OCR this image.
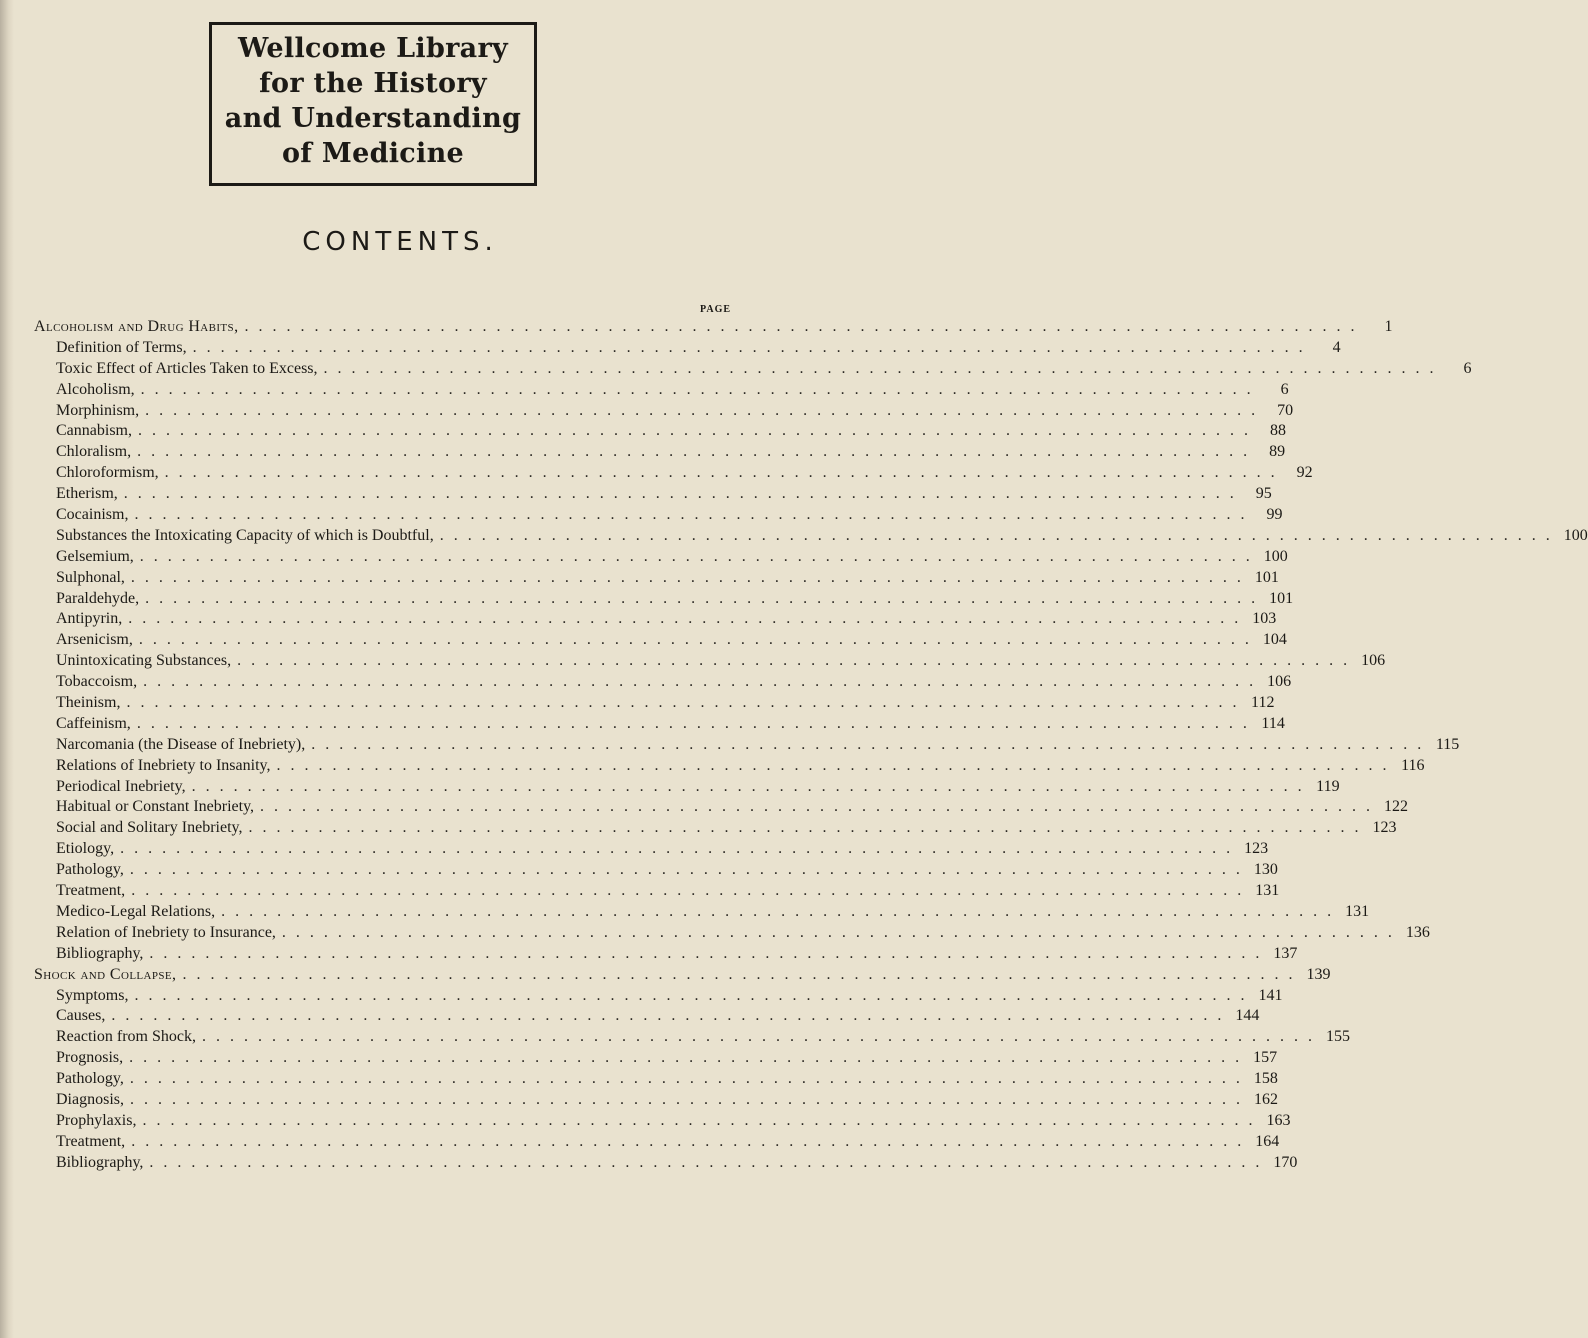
Wellcome Library
for the History
and Understanding
of Medicine
CONTENTS.
PAGE
Alcoholism and Drug Habits, ................................................................................	1
Definition of Terms, ................................................................................	4
Toxic Effect of Articles Taken to Excess, ................................................................................	6
Alcoholism, ................................................................................	6
Morphinism, ................................................................................ 70
Cannabism, ................................................................................ 88
Chloralism, ................................................................................ 89
Chloroformism, ................................................................................ 92
Etherism, ................................................................................ 95
Cocainism, ................................................................................ 99
Substances the Intoxicating Capacity of which is Doubtful, ................................................................................ 100
Gelsemium, ................................................................................ 100
Sulphonal, ................................................................................ 101
Paraldehyde, ................................................................................ 101
Antipyrin, ................................................................................ 103
Arsenicism, ................................................................................ 104
Unintoxicating Substances, ................................................................................ 106
Tobaccoism, ................................................................................ 106
Theinism, ................................................................................ 112
Caffeinism, ................................................................................ 114
Narcomania (the Disease of Inebriety), ................................................................................ 115
Relations of Inebriety to Insanity, ................................................................................ 116
Periodical Inebriety, ................................................................................ 119
Habitual or Constant Inebriety, ................................................................................ 122
Social and Solitary Inebriety, ................................................................................ 123
Etiology, ................................................................................ 123
Pathology, ................................................................................ 130
Treatment, ................................................................................ 131
Medico-Legal Relations, ................................................................................ 131
Relation of Inebriety to Insurance, ................................................................................ 136
Bibliography, ................................................................................ 137
Shock and Collapse, ................................................................................ 139
Symptoms, ................................................................................ 141
Causes, ................................................................................ 144
Reaction from Shock, ................................................................................ 155
Prognosis, ................................................................................ 157
Pathology, ................................................................................ 158
Diagnosis, ................................................................................ 162
Prophylaxis, ................................................................................ 163
Treatment, ................................................................................ 164
Bibliography, ................................................................................ 170
